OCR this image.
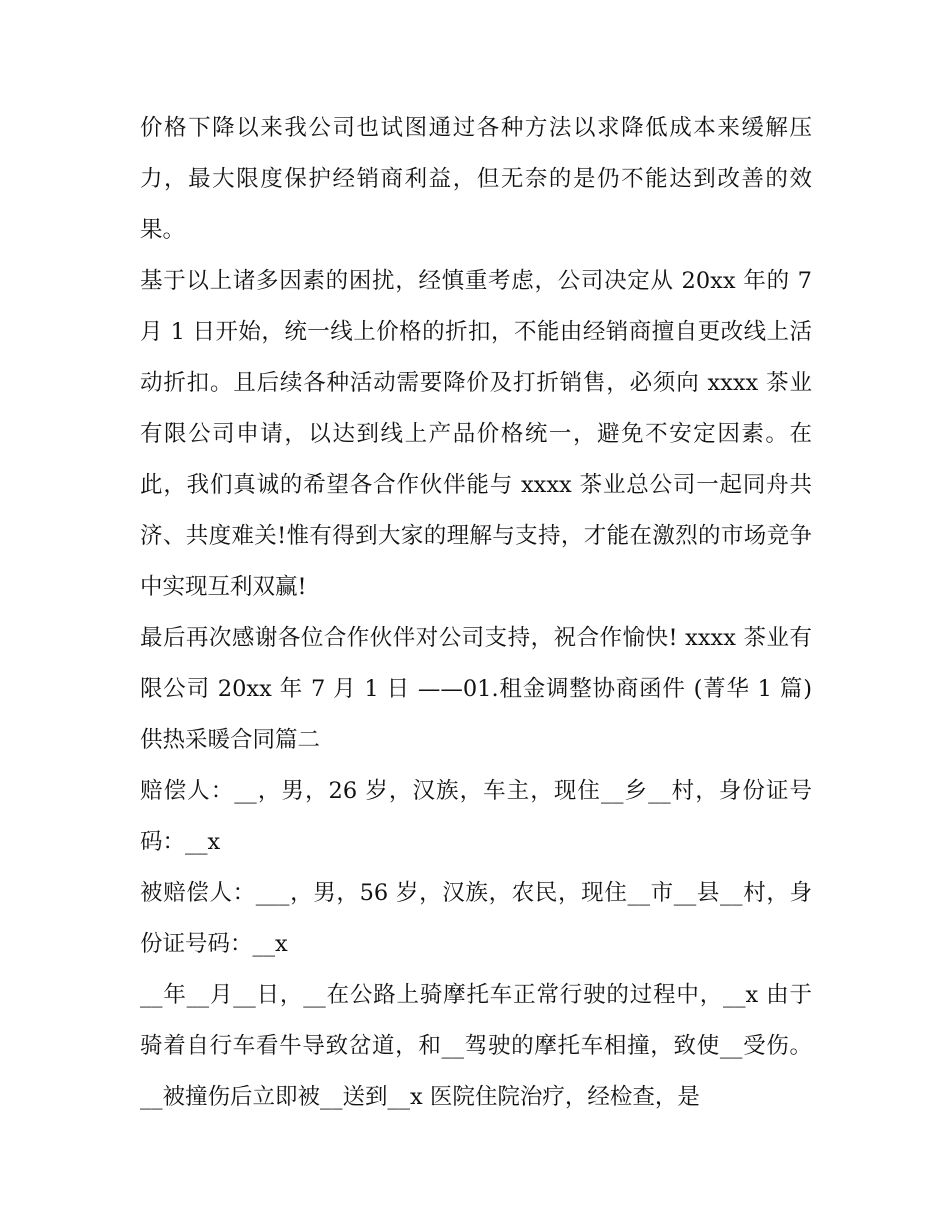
价格下降以来我公司也试图通过各种方法以求降低成本来缓解压力，最大限度保护经销商利益，但无奈的是仍不能达到改善的效果。

基于以上诸多因素的困扰，经慎重考虑，公司决定从 20xx 年的 7 月 1 日开始，统一线上价格的折扣，不能由经销商擅自更改线上活动折扣。且后续各种活动需要降价及打折销售，必须向 xxxx 茶业有限公司申请，以达到线上产品价格统一，避免不安定因素。在此，我们真诚的希望各合作伙伴能与 xxxx 茶业总公司一起同舟共济、共度难关!惟有得到大家的理解与支持，才能在激烈的市场竞争中实现互利双赢!

最后再次感谢各位合作伙伴对公司支持，祝合作愉快! xxxx 茶业有限公司 20xx 年 7 月 1 日 ——01.租金调整协商函件 (菁华 1 篇) 供热采暖合同篇二

赔偿人：__，男，26 岁，汉族，车主，现住__乡__村，身份证号码：__x

被赔偿人：___，男，56 岁，汉族，农民，现住__市__县__村，身份证号码：__x

__年__月__日，__在公路上骑摩托车正常行驶的过程中，__x 由于骑着自行车看牛导致岔道，和__驾驶的摩托车相撞，致使__受伤。__被撞伤后立即被__送到__x 医院住院治疗，经检查，是
